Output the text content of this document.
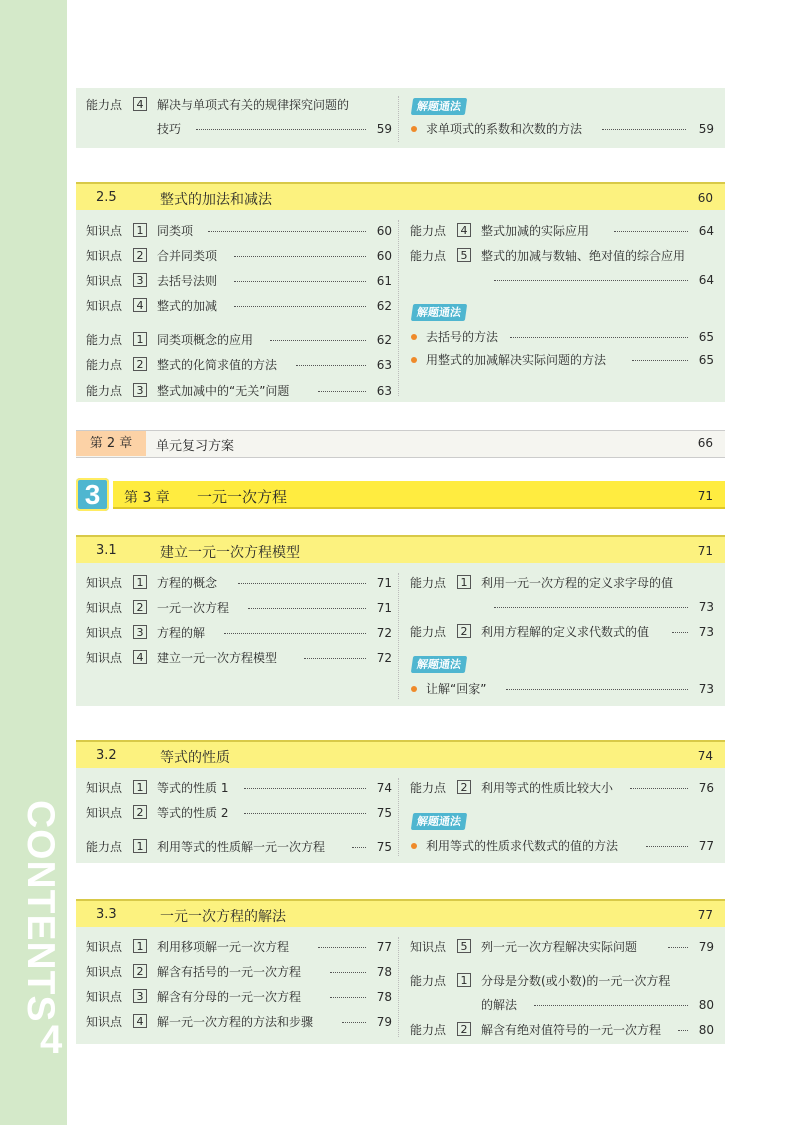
CONTENTS
4
能力点	4 解决与单项式有关的规律探究问题的
技巧	59
解题通法
求单项式的系数和次数的方法	59
2.5	整式的加法和减法	60
知识点	1 同类项	60
知识点	2 合并同类项	60
知识点	3 去括号法则	61
知识点	4 整式的加减	62
能力点	1 同类项概念的应用	62
能力点	2 整式的化简求值的方法	63
能力点	3 整式加减中的“无关”问题	63
能力点	4 整式加减的实际应用	64
能力点	5 整式的加减与数轴、绝对值的综合应用
64
解题通法
去括号的方法	65
用整式的加减解决实际问题的方法	65
第 2 章	单元复习方案	66
3	第 3 章 一元一次方程	71
3.1	建立一元一次方程模型	71
知识点	1 方程的概念	71
知识点	2 一元一次方程	71
知识点	3 方程的解	72
知识点	4 建立一元一次方程模型	72
能力点	1 利用一元一次方程的定义求字母的值
73
能力点	2 利用方程解的定义求代数式的值	73
解题通法
让解“回家”	73
3.2	等式的性质	74
知识点	1 等式的性质 1	74
知识点	2 等式的性质 2	75
能力点	1 利用等式的性质解一元一次方程	75
能力点	2 利用等式的性质比较大小	76
解题通法
利用等式的性质求代数式的值的方法	77
3.3	一元一次方程的解法	77
知识点	1 利用移项解一元一次方程	77
知识点	2 解含有括号的一元一次方程	78
知识点	3 解含有分母的一元一次方程	78
知识点	4 解一元一次方程的方法和步骤	79
知识点	5 列一元一次方程解决实际问题	79
能力点	1 分母是分数(或小数)的一元一次方程
的解法	80
能力点	2 解含有绝对值符号的一元一次方程	80
